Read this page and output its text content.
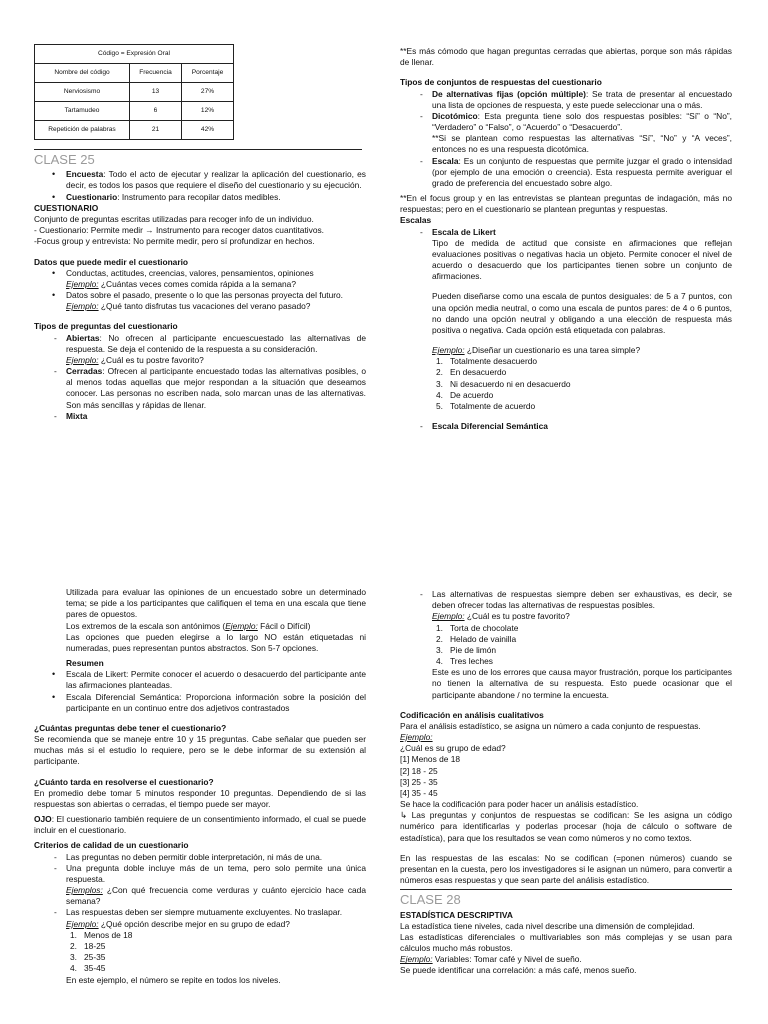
Código = Expresión Oral		
Nombre del código	Frecuencia	Porcentaje
Nerviosismo	13	27%
Tartamudeo	6	12%
Repetición de palabras	21	42%
CLASE 25
• Encuesta: Todo el acto de ejecutar y realizar la aplicación del cuestionario, es decir, es todos los pasos que requiere el diseño del cuestionario y su ejecución.
• Cuestionario: Instrumento para recopilar datos medibles.

CUESTIONARIO

Conjunto de preguntas escritas utilizadas para recoger info de un individuo.

- Cuestionario: Permite medir → Instrumento para recoger datos cuantitativos.

-Focus group y entrevista: No permite medir, pero sí profundizar en hechos.

Datos que puede medir el cuestionario

• Conductas, actitudes, creencias, valores, pensamientos, opiniones
Ejemplo: ¿Cuántas veces comes comida rápida a la semana?
• Datos sobre el pasado, presente o lo que las personas proyecta del futuro.
Ejemplo: ¿Qué tanto disfrutas tus vacaciones del verano pasado?

Tipos de preguntas del cuestionario

- Abiertas: No ofrecen al participante encuescuestado las alternativas de respuesta. Se deja el contenido de la respuesta a su consideración.
Ejemplo: ¿Cuál es tu postre favorito?
- Cerradas: Ofrecen al participante encuestado todas las alternativas posibles, o al menos todas aquellas que mejor respondan a la situación que deseamos conocer. Las personas no escriben nada, solo marcan unas de las alternativas. Son más sencillas y rápidas de llenar.
- Mixta

**Es más cómodo que hagan preguntas cerradas que abiertas, porque son más rápidas de llenar.

Tipos de conjuntos de respuestas del cuestionario

- De alternativas fijas (opción múltiple): Se trata de presentar al encuestado una lista de opciones de respuesta, y este puede seleccionar una o más.
- Dicotómico: Esta pregunta tiene solo dos respuestas posibles: “Sí” o “No”, “Verdadero” o “Falso”, o “Acuerdo” o “Desacuerdo”.
**Si se plantean como respuestas las alternativas “Sí”, “No” y “A veces”, entonces no es una respuesta dicotómica.
- Escala: Es un conjunto de respuestas que permite juzgar el grado o intensidad (por ejemplo de una emoción o creencia). Esta respuesta permite averiguar el grado de preferencia del encuestado sobre algo.

**En el focus group y en las entrevistas se plantean preguntas de indagación, más no respuestas; pero en el cuestionario se plantean preguntas y respuestas.

Escalas

- Escala de Likert

Tipo de medida de actitud que consiste en afirmaciones que reflejan evaluaciones positivas o negativas hacia un objeto. Permite conocer el nivel de acuerdo o desacuerdo que los participantes tienen sobre un conjunto de afirmaciones.

Pueden diseñarse como una escala de puntos desiguales: de 5 a 7 puntos, con una opción media neutral, o como una escala de puntos pares: de 4 o 6 puntos, no dando una opción neutral y obligando a una elección de respuesta más positiva o negativa. Cada opción está etiquetada con palabras.

Ejemplo: ¿Diseñar un cuestionario es una tarea simple?

1. Totalmente desacuerdo
2. En desacuerdo
3. Ni desacuerdo ni en desacuerdo
4. De acuerdo
5. Totalmente de acuerdo
- Escala Diferencial Semántica

Utilizada para evaluar las opiniones de un encuestado sobre un determinado tema; se pide a los participantes que califiquen el tema en una escala que tiene pares de opuestos.

Los extremos de la escala son antónimos (Ejemplo: Fácil o Difícil)

Las opciones que pueden elegirse a lo largo NO están etiquetadas ni numeradas, pues representan puntos abstractos. Son 5-7 opciones.

Resumen

• Escala de Likert: Permite conocer el acuerdo o desacuerdo del participante ante las afirmaciones planteadas.
• Escala Diferencial Semántica: Proporciona información sobre la posición del participante en un continuo entre dos adjetivos contrastados

¿Cuántas preguntas debe tener el cuestionario?

Se recomienda que se maneje entre 10 y 15 preguntas. Cabe señalar que pueden ser muchas más si el estudio lo requiere, pero se le debe informar de su extensión al participante.

¿Cuánto tarda en resolverse el cuestionario?

En promedio debe tomar 5 minutos responder 10 preguntas. Dependiendo de si las respuestas son abiertas o cerradas, el tiempo puede ser mayor.

OJO: El cuestionario también requiere de un consentimiento informado, el cual se puede incluir en el cuestionario.

Criterios de calidad de un cuestionario

- Las preguntas no deben permitir doble interpretación, ni más de una.
- Una pregunta doble incluye más de un tema, pero solo permite una única respuesta.
Ejemplos: ¿Con qué frecuencia come verduras y cuánto ejercicio hace cada semana?
- Las respuestas deben ser siempre mutuamente excluyentes. No traslapar.
Ejemplo: ¿Qué opción describe mejor en su grupo de edad?
1. Menos de 18
2. 18-25
3. 25-35
4. 35-45

En este ejemplo, el número se repite en todos los niveles.

- Las alternativas de respuestas siempre deben ser exhaustivas, es decir, se deben ofrecer todas las alternativas de respuestas posibles.
Ejemplo: ¿Cuál es tu postre favorito?
1. Torta de chocolate
2. Helado de vainilla
3. Pie de limón
4. Tres leches

Este es uno de los errores que causa mayor frustración, porque los participantes no tienen la alternativa de su respuesta. Esto puede ocasionar que el participante abandone / no termine la encuesta.

Codificación en análisis cualitativos

Para el análisis estadístico, se asigna un número a cada conjunto de respuestas.

Ejemplo:

¿Cuál es su grupo de edad?

[1] Menos de 18

[2] 18 - 25

[3] 25 - 35

[4] 35 - 45

Se hace la codificación para poder hacer un análisis estadístico.

↳ Las preguntas y conjuntos de respuestas se codifican: Se les asigna un código numérico para identificarlas y poderlas procesar (hoja de cálculo o software de estadística), para que los resultados se vean como números y no como textos.

En las respuestas de las escalas: No se codifican (=ponen números) cuando se presentan en la cuesta, pero los investigadores si le asignan un número, para convertir a números esas respuestas y que sean parte del análisis estadístico.

CLASE 28

ESTADÍSTICA DESCRIPTIVA

La estadística tiene niveles, cada nivel describe una dimensión de complejidad.

Las estadísticas diferenciales o multivariables son más complejas y se usan para cálculos mucho más robustos.

Ejemplo: Variables: Tomar café y Nivel de sueño.

Se puede identificar una correlación: a más café, menos sueño.
